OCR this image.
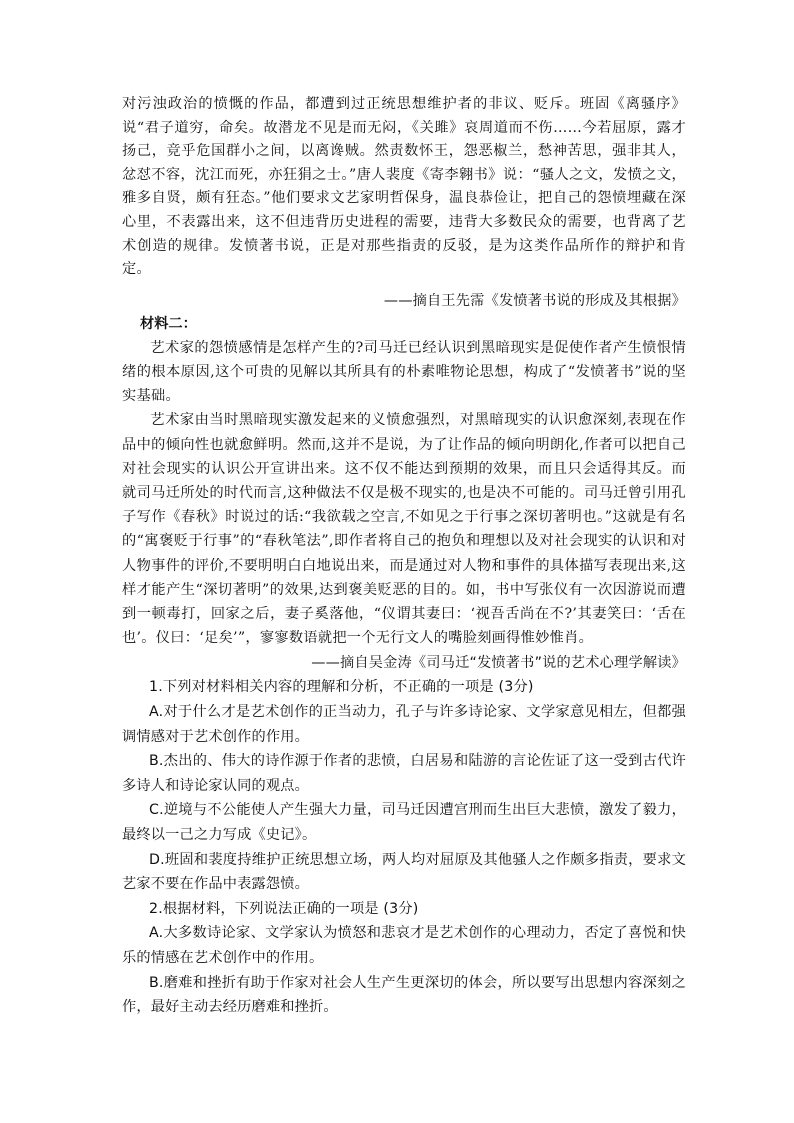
对污浊政治的愤慨的作品，都遭到过正统思想维护者的非议、贬斥。班固《离骚序》说“君子道穷，命矣。故潜龙不见是而无闷，《关雎》哀周道而不伤……今若屈原，露才扬己，竞乎危国群小之间，以离谗贼。然责数怀王，怨恶椒兰，愁神苦思，强非其人，忿怼不容，沈江而死，亦狂狷之士。”唐人裴度《寄李翱书》说：“骚人之文，发愤之文，雅多自贤，颇有狂态。”他们要求文艺家明哲保身，温良恭俭让，把自己的怨愤埋藏在深心里，不表露出来，这不但违背历史进程的需要，违背大多数民众的需要，也背离了艺术创造的规律。发愤著书说，正是对那些指责的反驳，是为这类作品所作的辩护和肯定。

——摘自王先霈《发愤著书说的形成及其根据》

材料二：

艺术家的怨愤感情是怎样产生的?司马迁已经认识到黑暗现实是促使作者产生愤恨情绪的根本原因,这个可贵的见解以其所具有的朴素唯物论思想，构成了“发愤著书”说的坚实基础。

艺术家由当时黑暗现实激发起来的义愤愈强烈，对黑暗现实的认识愈深刻,表现在作品中的倾向性也就愈鲜明。然而,这并不是说，为了让作品的倾向明朗化,作者可以把自己对社会现实的认识公开宣讲出来。这不仅不能达到预期的效果，而且只会适得其反。而就司马迁所处的时代而言,这种做法不仅是极不现实的,也是决不可能的。司马迁曾引用孔子写作《春秋》时说过的话:“我欲载之空言,不如见之于行事之深切著明也。”这就是有名的“寓褒贬于行事”的“春秋笔法”,即作者将自己的抱负和理想以及对社会现实的认识和对人物事件的评价,不要明明白白地说出来，而是通过对人物和事件的具体描写表现出来,这样才能产生“深切著明”的效果,达到褒美贬恶的目的。如，书中写张仪有一次因游说而遭到一顿毒打，回家之后，妻子奚落他，“仪谓其妻曰：‘视吾舌尚在不?’其妻笑曰：‘舌在也’。仪曰：‘足矣’”，寥寥数语就把一个无行文人的嘴脸刻画得惟妙惟肖。

——摘自吴金涛《司马迁“发愤著书”说的艺术心理学解读》

1.下列对材料相关内容的理解和分析，不正确的一项是 (3分)

A.对于什么才是艺术创作的正当动力，孔子与许多诗论家、文学家意见相左，但都强调情感对于艺术创作的作用。

B.杰出的、伟大的诗作源于作者的悲愤，白居易和陆游的言论佐证了这一受到古代许多诗人和诗论家认同的观点。

C.逆境与不公能使人产生强大力量，司马迁因遭宫刑而生出巨大悲愤，激发了毅力，最终以一己之力写成《史记》。

D.班固和裴度持维护正统思想立场，两人均对屈原及其他骚人之作颇多指责，要求文艺家不要在作品中表露怨愤。

2.根据材料，下列说法正确的一项是 (3分)

A.大多数诗论家、文学家认为愤怒和悲哀才是艺术创作的心理动力，否定了喜悦和快乐的情感在艺术创作中的作用。

B.磨难和挫折有助于作家对社会人生产生更深切的体会，所以要写出思想内容深刻之作，最好主动去经历磨难和挫折。
